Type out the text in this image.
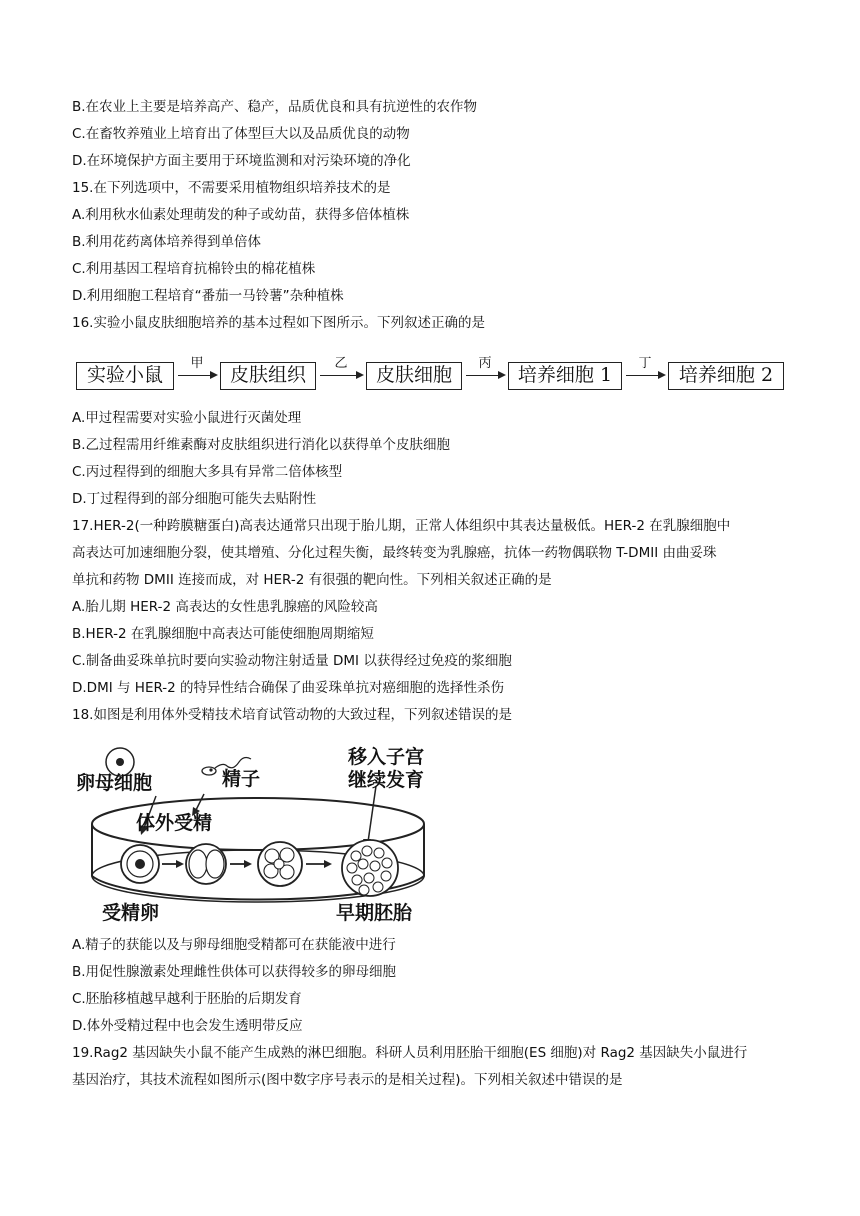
B.在农业上主要是培养高产、稳产，品质优良和具有抗逆性的农作物
C.在畜牧养殖业上培育出了体型巨大以及品质优良的动物
D.在环境保护方面主要用于环境监测和对污染环境的净化
15.在下列选项中，不需要采用植物组织培养技术的是
A.利用秋水仙素处理萌发的种子或幼苗，获得多倍体植株
B.利用花药离体培养得到单倍体
C.利用基因工程培育抗棉铃虫的棉花植株
D.利用细胞工程培育“番茄一马铃薯”杂种植株
16.实验小鼠皮肤细胞培养的基本过程如下图所示。下列叙述正确的是
实验小鼠
甲
皮肤组织
乙
皮肤细胞
丙
培养细胞 1
丁
培养细胞 2
A.甲过程需要对实验小鼠进行灭菌处理
B.乙过程需用纤维素酶对皮肤组织进行消化以获得单个皮肤细胞
C.丙过程得到的细胞大多具有异常二倍体核型
D.丁过程得到的部分细胞可能失去贴附性
17.HER-2(一种跨膜糖蛋白)高表达通常只出现于胎儿期，正常人体组织中其表达量极低。HER-2 在乳腺细胞中
高表达可加速细胞分裂，使其增殖、分化过程失衡，最终转变为乳腺癌，抗体一药物偶联物 T-DMII 由曲妥珠
单抗和药物 DMII 连接而成，对 HER-2 有很强的靶向性。下列相关叙述正确的是
A.胎儿期 HER-2 高表达的女性患乳腺癌的风险较高
B.HER-2 在乳腺细胞中高表达可能使细胞周期缩短
C.制备曲妥珠单抗时要向实验动物注射适量 DMI 以获得经过免疫的浆细胞
D.DMI 与 HER-2 的特异性结合确保了曲妥珠单抗对癌细胞的选择性杀伤
18.如图是利用体外受精技术培育试管动物的大致过程，下列叙述错误的是
卵母细胞	精子
体外受精
移入子宫
继续发育
受精卵	早期胚胎
A.精子的获能以及与卵母细胞受精都可在获能液中进行
B.用促性腺激素处理雌性供体可以获得较多的卵母细胞
C.胚胎移植越早越利于胚胎的后期发育
D.体外受精过程中也会发生透明带反应
19.Rag2 基因缺失小鼠不能产生成熟的淋巴细胞。科研人员利用胚胎干细胞(ES 细胞)对 Rag2 基因缺失小鼠进行
基因治疗，其技术流程如图所示(图中数字序号表示的是相关过程)。下列相关叙述中错误的是
